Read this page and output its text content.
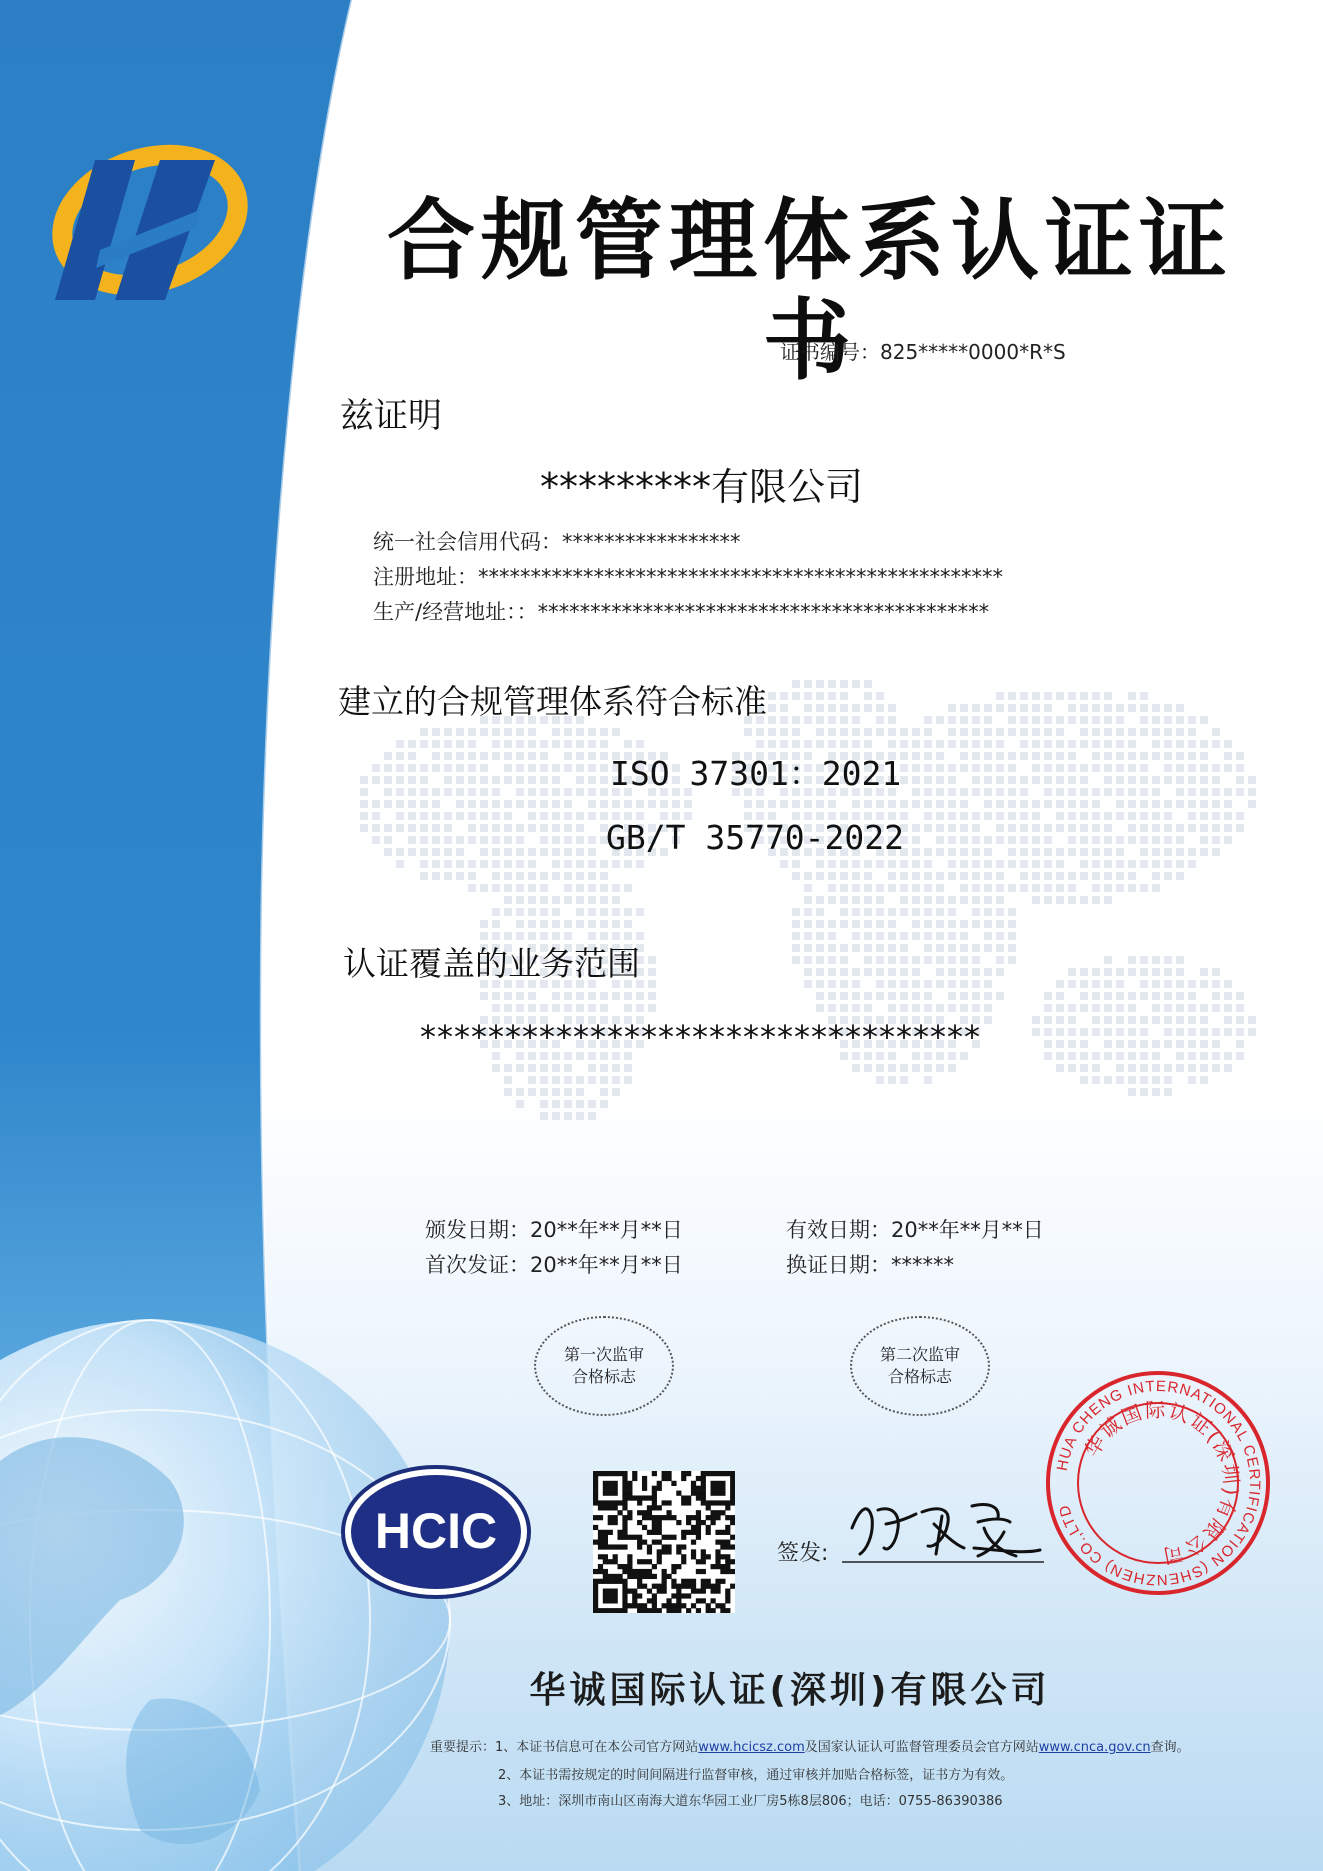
合规管理体系认证证书
证书编号：825*****0000*R*S
兹证明
*********有限公司
统一社会信用代码：*****************
注册地址：**************************************************
生产/经营地址：：*******************************************
建立的合规管理体系符合标准
ISO 37301：2021
GB/T 35770-2022
认证覆盖的业务范围
*********************************
颁发日期：20**年**月**日	有效日期：20**年**月**日
首次发证：20**年**月**日	换证日期：******
第一次监审
合格标志
第二次监审
合格标志
HCIC	签发:
HUA CHENG INTERNATIONAL CERTIFICATION (SHENZHEN) CO.,LTD
华诚国际认证(深圳)有限公司
华诚国际认证(深圳)有限公司
重要提示：1、本证书信息可在本公司官方网站www.hcicsz.com及国家认证认可监督管理委员会官方网站www.cnca.gov.cn查询。
2、本证书需按规定的时间间隔进行监督审核，通过审核并加贴合格标签，证书方为有效。
3、地址：深圳市南山区南海大道东华园工业厂房5栋8层806；电话：0755-86390386
